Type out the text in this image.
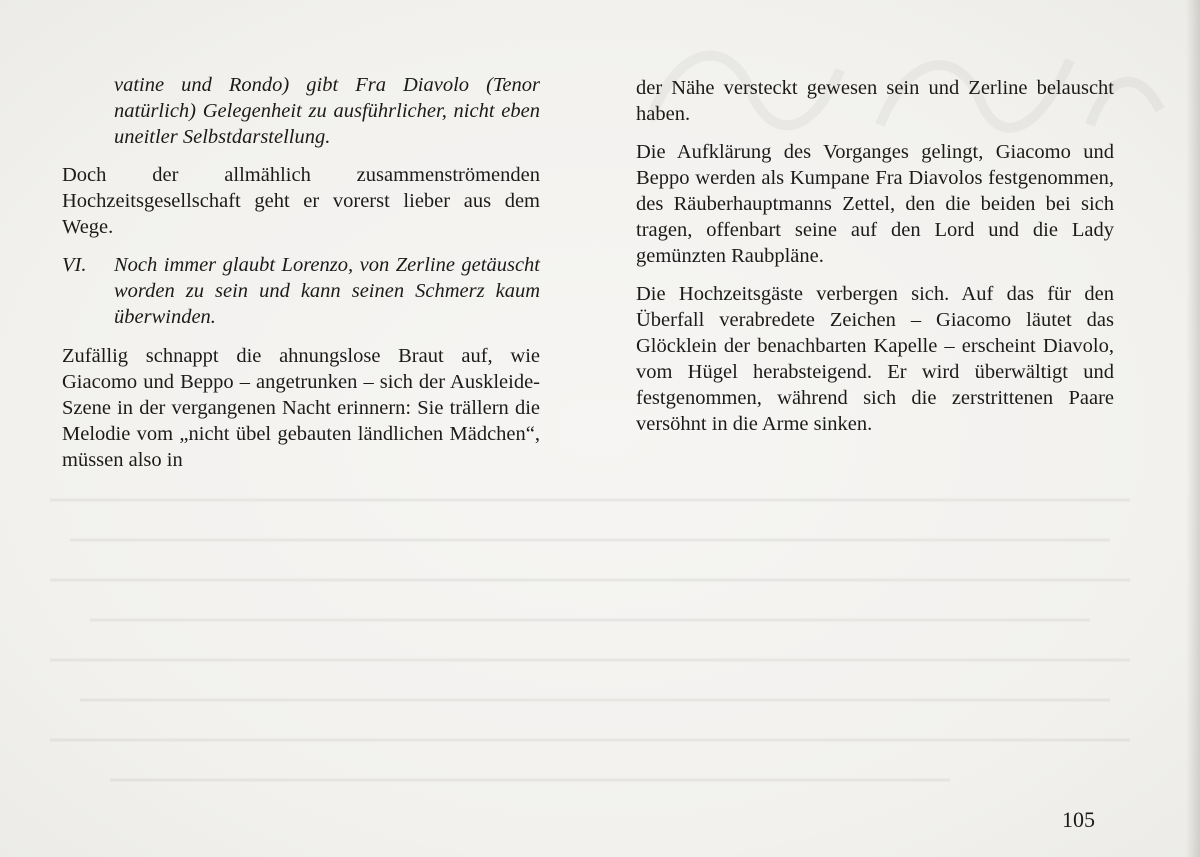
vatine und Rondo) gibt Fra Diavolo (Tenor natürlich) Gelegenheit zu ausführlicher, nicht eben uneitler Selbstdarstellung.

Doch der allmählich zusammenströmenden Hochzeitsgesellschaft geht er vorerst lieber aus dem Wege.

VI.	Noch immer glaubt Lorenzo, von Zerline getäuscht worden zu sein und kann seinen Schmerz kaum überwinden.

Zufällig schnappt die ahnungslose Braut auf, wie Giacomo und Beppo – angetrunken – sich der Auskleide-Szene in der vergangenen Nacht erinnern: Sie trällern die Melodie vom „nicht übel gebauten ländlichen Mädchen“, müssen also in

der Nähe versteckt gewesen sein und Zerline belauscht haben.

Die Aufklärung des Vorganges gelingt, Giacomo und Beppo werden als Kumpane Fra Diavolos festgenommen, des Räuberhauptmanns Zettel, den die beiden bei sich tragen, offenbart seine auf den Lord und die Lady gemünzten Raubpläne.

Die Hochzeitsgäste verbergen sich. Auf das für den Überfall verabredete Zeichen – Giacomo läutet das Glöcklein der benachbarten Kapelle – erscheint Diavolo, vom Hügel herabsteigend. Er wird überwältigt und festgenommen, während sich die zerstrittenen Paare versöhnt in die Arme sinken.

105
